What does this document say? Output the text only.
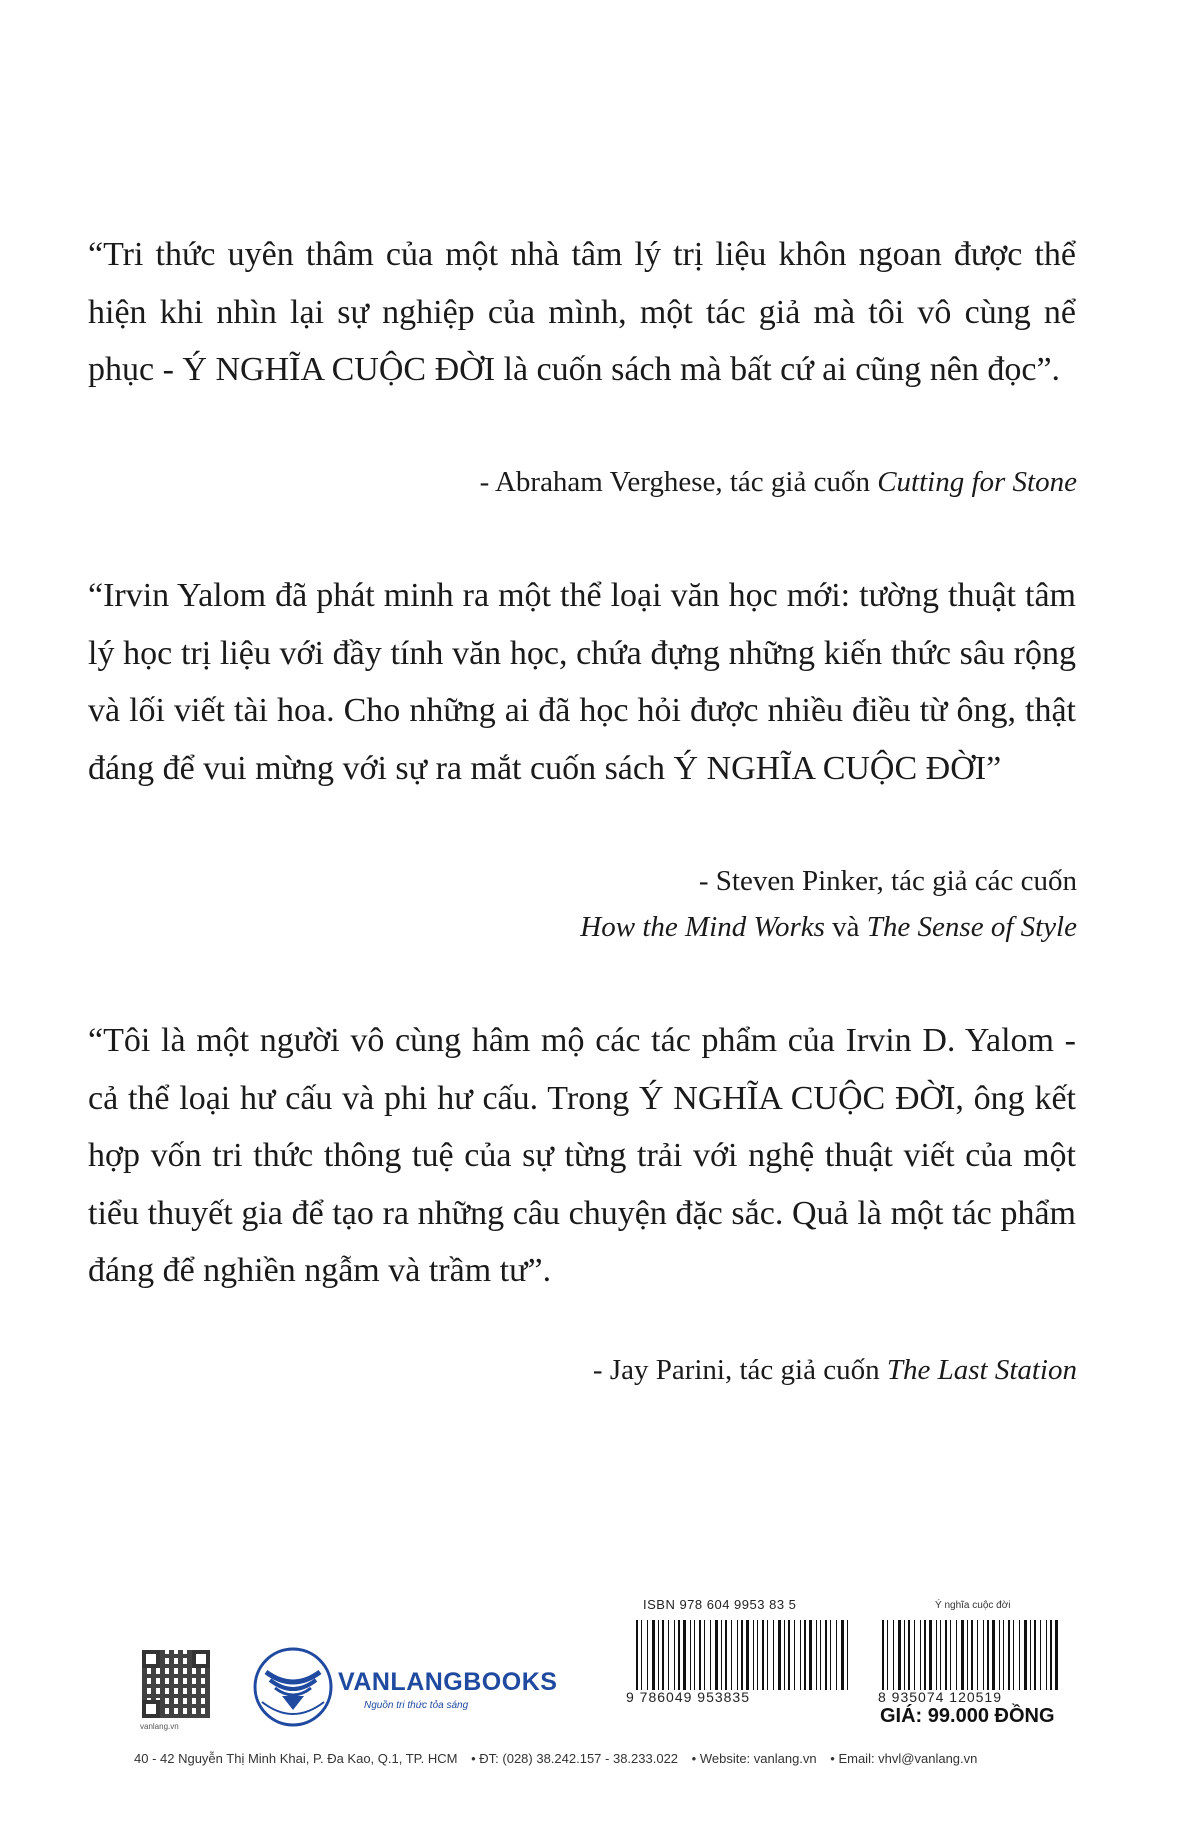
“Tri thức uyên thâm của một nhà tâm lý trị liệu khôn ngoan được thể hiện khi nhìn lại sự nghiệp của mình, một tác giả mà tôi vô cùng nể phục - Ý NGHĨA CUỘC ĐỜI là cuốn sách mà bất cứ ai cũng nên đọc”.

- Abraham Verghese, tác giả cuốn Cutting for Stone

“Irvin Yalom đã phát minh ra một thể loại văn học mới: tường thuật tâm lý học trị liệu với đầy tính văn học, chứa đựng những kiến thức sâu rộng và lối viết tài hoa. Cho những ai đã học hỏi được nhiều điều từ ông, thật đáng để vui mừng với sự ra mắt cuốn sách Ý NGHĨA CUỘC ĐỜI”

- Steven Pinker, tác giả các cuốn
How the Mind Works và The Sense of Style

“Tôi là một người vô cùng hâm mộ các tác phẩm của Irvin D. Yalom - cả thể loại hư cấu và phi hư cấu. Trong Ý NGHĨA CUỘC ĐỜI, ông kết hợp vốn tri thức thông tuệ của sự từng trải với nghệ thuật viết của một tiểu thuyết gia để tạo ra những câu chuyện đặc sắc. Quả là một tác phẩm đáng để nghiền ngẫm và trầm tư”.

- Jay Parini, tác giả cuốn The Last Station

vanlang.vn
VANLANGBOOKS
Nguồn tri thức tỏa sáng
ISBN 978 604 9953 83 5	Ý nghĩa cuộc đời
9 786049 953835	8 935074 120519
GIÁ: 99.000 ĐỒNG
40 - 42 Nguyễn Thị Minh Khai, P. Đa Kao, Q.1, TP. HCM • ĐT: (028) 38.242.157 - 38.233.022 • Website: vanlang.vn • Email: vhvl@vanlang.vn
